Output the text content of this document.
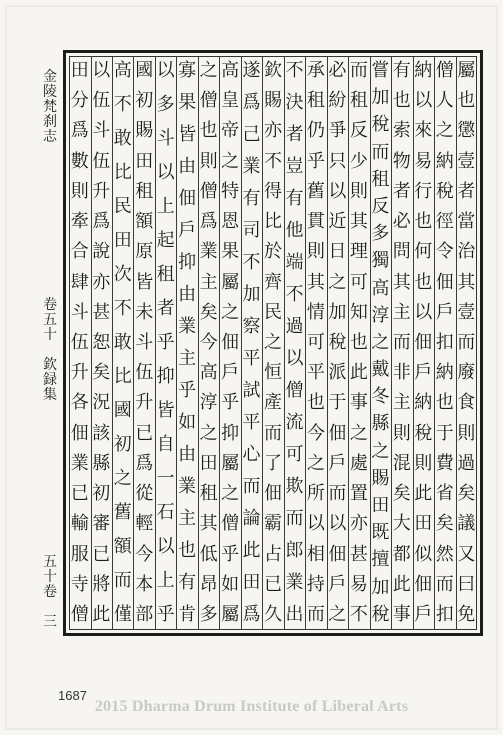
屬
也
懲
壹
者
當
治
其
壹
而
廢
食
則
過
矣
議
又
曰
免
僧
人
之
納
稅
徑
令
佃
戶
扣
納
也
于
費
省
矣
然
而
扣
納
以
來
易
行
也
何
也
以
佃
戶
納
稅
則
此
田
似
佃
戶
有
也
索
物
者
必
問
其
主
而
非
主
則
混
矣
大
都
此
事
嘗
加
稅
而
租
反
多
獨
高
淳
之
戴
冬
縣
之
賜
田
既
擅
加
稅
而
租
反
少
則
其
理
可
知
也
此
事
之
處
置
亦
甚
易
不
必
紛
爭
只
以
近
日
之
加
稅
派
于
佃
戶
而
以
佃
戶
之
承
租
仍
乎
舊
貫
則
其
情
可
平
也
今
之
所
以
相
持
而
不
決
者
豈
有
他
端
不
過
以
僧
流
可
欺
而
郎
業
出
欽
賜
亦
不
得
比
於
齊
民
之
恒
產
而
了
佃
霸
占
已
久
遂
爲
己
業
有
司
不
加
察
平
試
平
心
而
論
此
田
爲
高
皇
帝
之
特
恩
果
屬
之
佃
戶
乎
抑
屬
之
僧
乎
如
屬
之
僧
也
則
僧
爲
業
主
矣
今
高
淳
之
田
租
其
低
昂
多
寡
果
皆
由
佃
戶
抑
由
業
主
乎
如
由
業
主
也
有
肯
以
多
斗
以
上
起
租
者
乎
抑
皆
自
一
石
以
上
乎
國
初
賜
田
租
額
原
皆
未
斗
伍
升
已
爲
從
輕
今
本
部
高
不
敢
比
民
田
次
不
敢
比
國
初
之
舊
額
而
僅
以
伍
斗
伍
升
爲
說
亦
甚
恕
矣
況
該
縣
初
審
已
將
此
田
分
爲
數
則
牽
合
肆
斗
伍
升
各
佃
業
已
輸
服
寺
僧
金
陵
梵
刹
志
卷
五
十

欽
録
集
五
十
卷

三
1687
2015 Dharma Drum Institute of Liberal Arts
